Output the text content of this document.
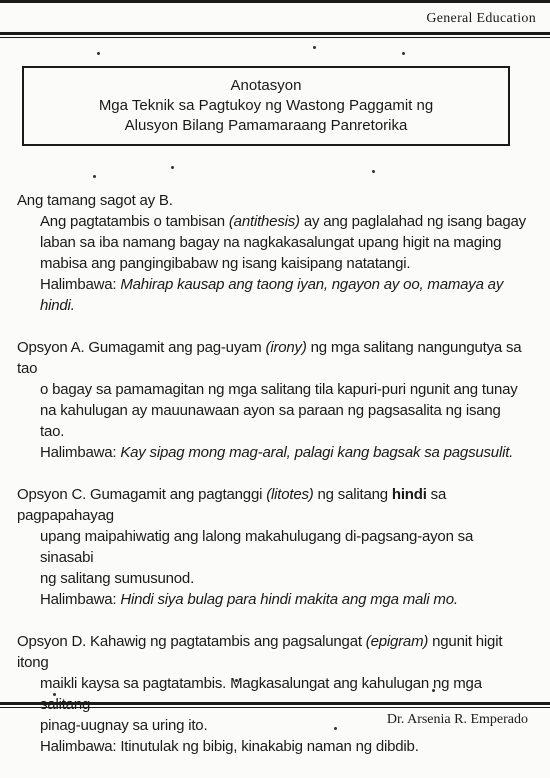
General Education
Anotasyon
Mga Teknik sa Pagtukoy ng Wastong Paggamit ng
Alusyon Bilang Pamamaraang Panretorika
Ang tamang sagot ay B.
Ang pagtatambis o tambisan (antithesis) ay ang paglalahad ng isang bagay
laban sa iba namang bagay na nagkakasalungat upang higit na maging
mabisa ang pangingibabaw ng isang kaisipang natatangi.
Halimbawa: Mahirap kausap ang taong iyan, ngayon ay oo, mamaya ay hindi.
Opsyon A. Gumagamit ang pag-uyam (irony) ng mga salitang nangungutya sa tao
o bagay sa pamamagitan ng mga salitang tila kapuri-puri ngunit ang tunay
na kahulugan ay mauunawaan ayon sa paraan ng pagsasalita ng isang tao.
Halimbawa: Kay sipag mong mag-aral, palagi kang bagsak sa pagsusulit.
Opsyon C. Gumagamit ang pagtanggi (litotes) ng salitang hindi sa pagpapahayag
upang maipahiwatig ang lalong makahulugang di-pagsang-ayon sa sinasabi
ng salitang sumusunod.
Halimbawa: Hindi siya bulag para hindi makita ang mga mali mo.
Opsyon D. Kahawig ng pagtatambis ang pagsalungat (epigram) ngunit higit itong
maikli kaysa sa pagtatambis. Magkasalungat ang kahulugan ng mga
pinag-uugnay sa uring ito.
Halimbawa: Itinutulak ng bibig, kinakabig naman ng dibdib.
Dr. Arsenia R. Emperado
